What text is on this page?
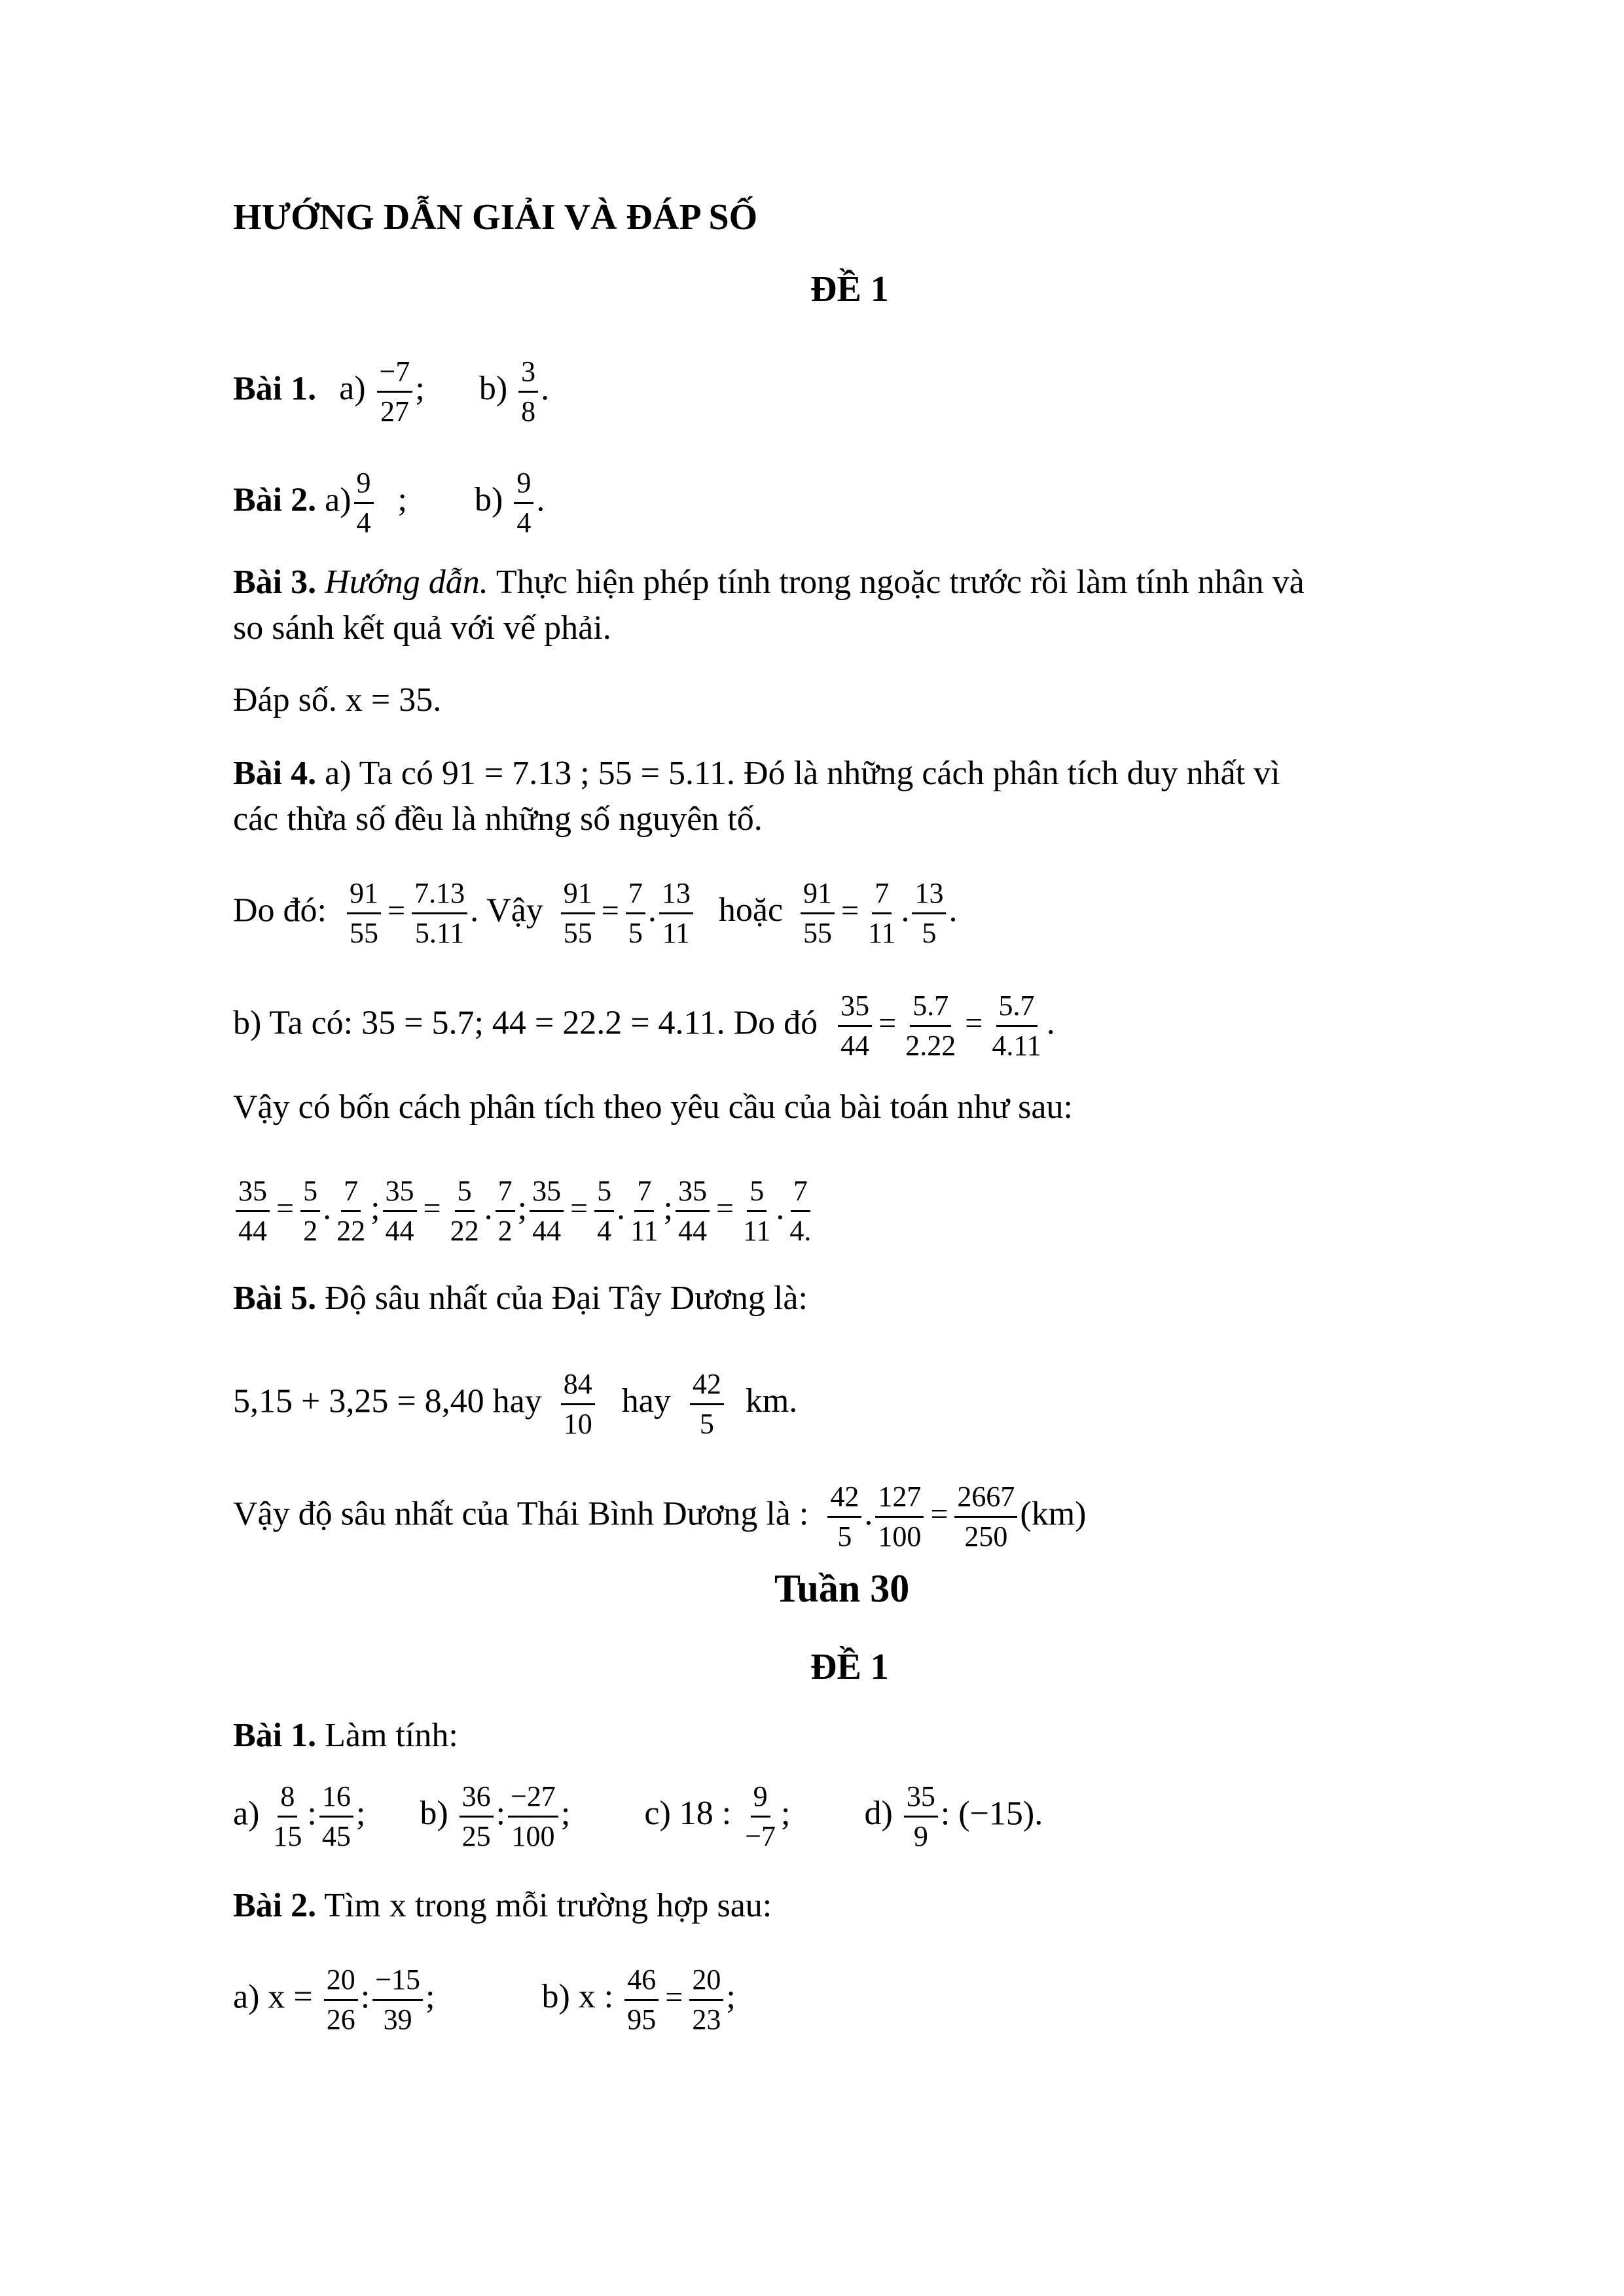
HƯỚNG DẪN GIẢI VÀ ĐÁP SỐ
ĐỀ 1
Bài 1. $a) \frac{-7}{27}$ ; $b) \frac{3}{8}$ .
Bài 2. $a) \frac{9}{4}$ ; $b) \frac{9}{4}$ .
Bài 3. Hướng dẫn. Thực hiện phép tính trong ngoặc trước rồi làm tính nhân và
so sánh kết quả với vế phải.
Đáp số. x = 35.
Bài 4. a) Ta có 91 = 7.13 ; 55 = 5.11. Đó là những cách phân tích duy nhất vì
các thừa số đều là những số nguyên tố.
Do đó: $\frac{91}{55} = \frac{7.13}{5.11}$ . Vậy $\frac{91}{55} = \frac{7}{5}$ . $\frac{13}{11}$ hoặc $\frac{91}{55} = \frac{7}{11}$ . $\frac{13}{5}$ .
b) Ta có: 35 = 5.7; 44 = 22.2 = 4.11. Do đó $\frac{35}{44} = \frac{5.7}{2.22} = \frac{5.7}{4.11}$ .
Vậy có bốn cách phân tích theo yêu cầu của bài toán như sau:
$\frac{35}{44} = \frac{5}{2}$ . $\frac{7}{22}$ ; $\frac{35}{44} = \frac{5}{22}$ . $\frac{7}{2}$ ; $\frac{35}{44} = \frac{5}{4}$ . $\frac{7}{11}$ ; $\frac{35}{44} = \frac{5}{11}$ . $\frac{7}{4.}$
Bài 5. Độ sâu nhất của Đại Tây Dương là:
5,15 + 3,25 = 8,40 hay $\frac{84}{10}$ hay $\frac{42}{5}$ km.
Vậy độ sâu nhất của Thái Bình Dương là : $\frac{42}{5}$ . $\frac{127}{100} = \frac{2667}{250} (km)$
Tuần 30
ĐỀ 1
Bài 1. Làm tính:
$a) \frac{8}{15}$ : $\frac{16}{45}$ ; $b) \frac{36}{25}$ : $\frac{-27}{100}$ ; c) 18 : $\frac{9}{-7}$ ; $d) \frac{35}{9}$ : (−15).
Bài 2. Tìm x trong mỗi trường hợp sau:
a) $x = \frac{20}{26}$ : $\frac{-15}{39}$ ;	b) x : $\frac{46}{95} = \frac{20}{23}$ ;
